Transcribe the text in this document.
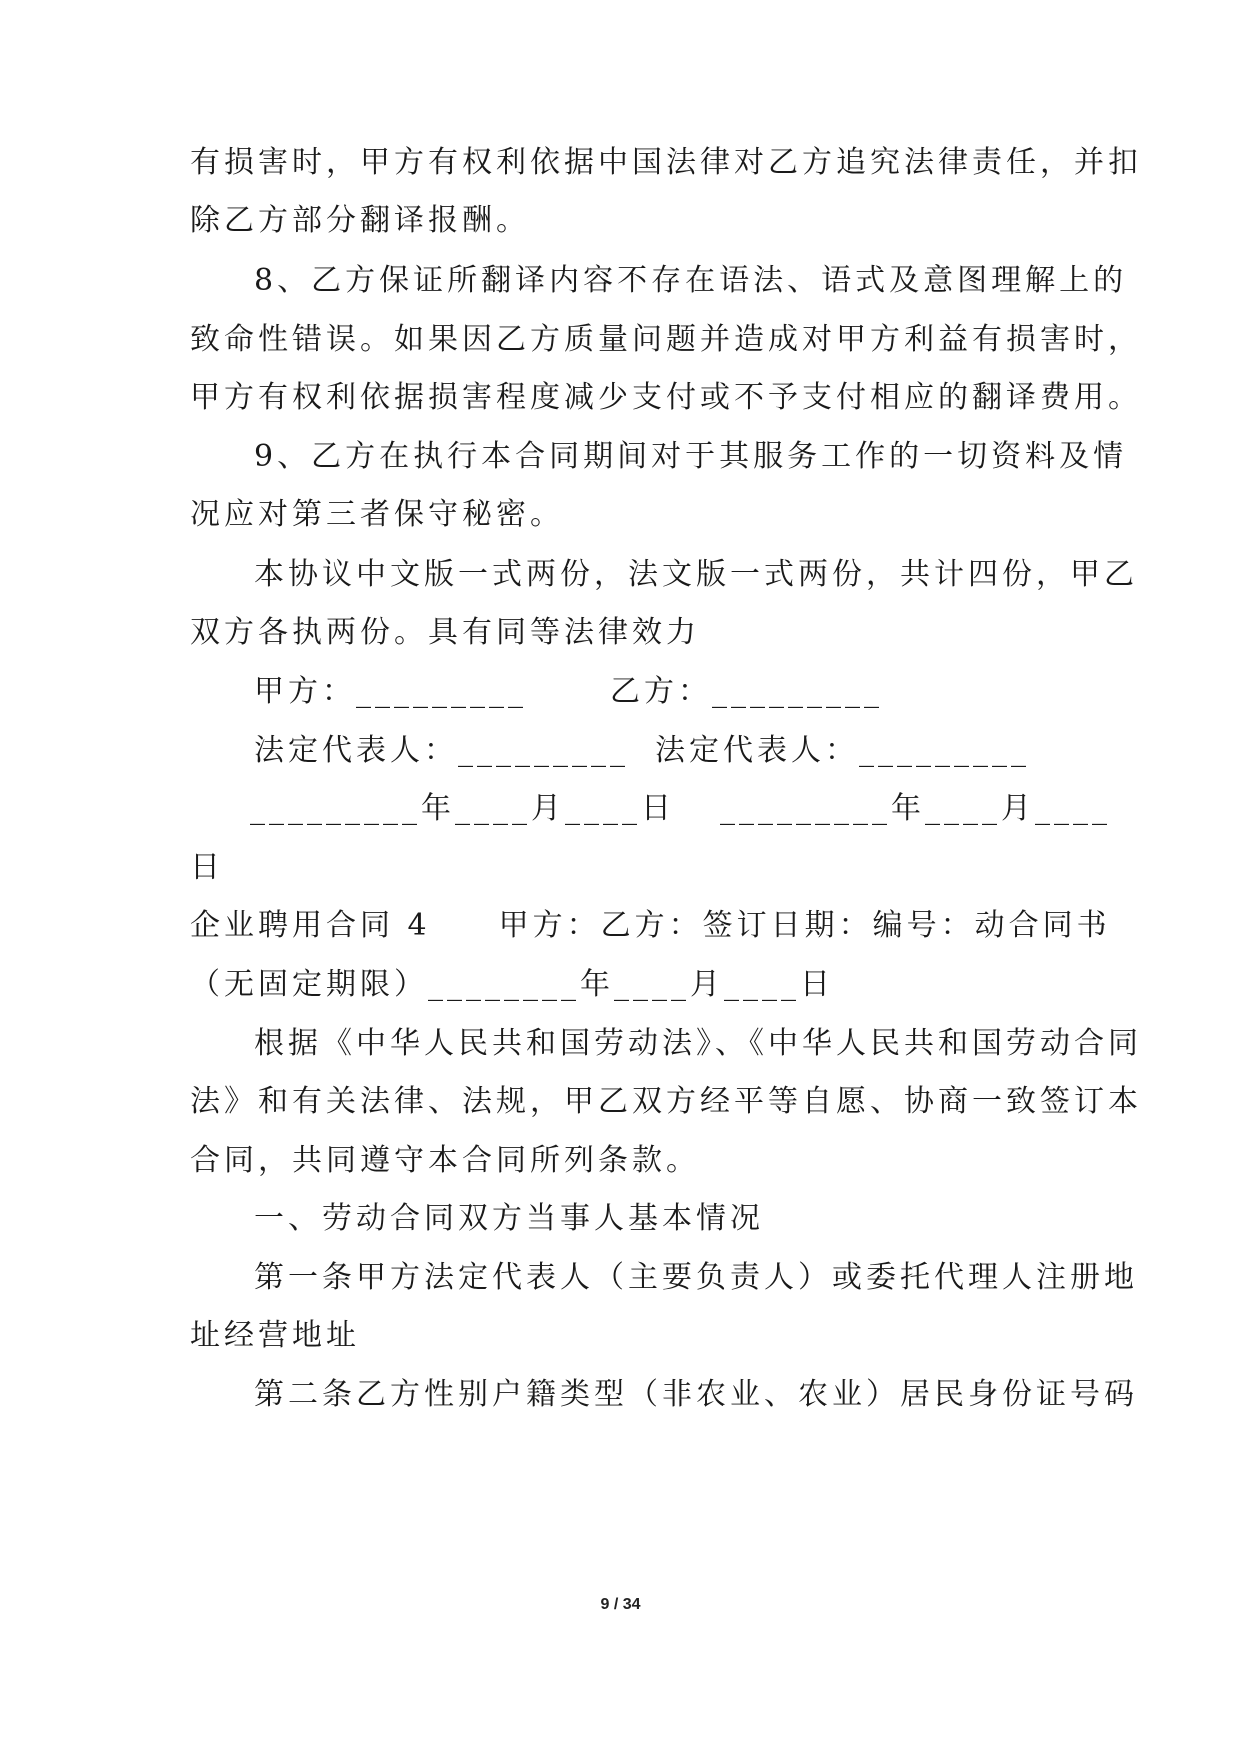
有损害时，甲方有权利依据中国法律对乙方追究法律责任，并扣
除乙方部分翻译报酬。
8、乙方保证所翻译内容不存在语法、语式及意图理解上的
致命性错误。如果因乙方质量问题并造成对甲方利益有损害时，
甲方有权利依据损害程度减少支付或不予支付相应的翻译费用。
9、乙方在执行本合同期间对于其服务工作的一切资料及情
况应对第三者保守秘密。
本协议中文版一式两份，法文版一式两份，共计四份，甲乙
双方各执两份。具有同等法律效力
甲方：_________	乙方：_________
法定代表人：_________ 法定代表人：_________
_________年____月____日 _________年____月____
日
企业聘用合同 4　　甲方：乙方：签订日期：编号：动合同书
（无固定期限）________年____月____日
根据《中华人民共和国劳动法》、《中华人民共和国劳动合同
法》和有关法律、法规，甲乙双方经平等自愿、协商一致签订本
合同，共同遵守本合同所列条款。
一、劳动合同双方当事人基本情况
第一条甲方法定代表人（主要负责人）或委托代理人注册地
址经营地址
第二条乙方性别户籍类型（非农业、农业）居民身份证号码
9 / 34
